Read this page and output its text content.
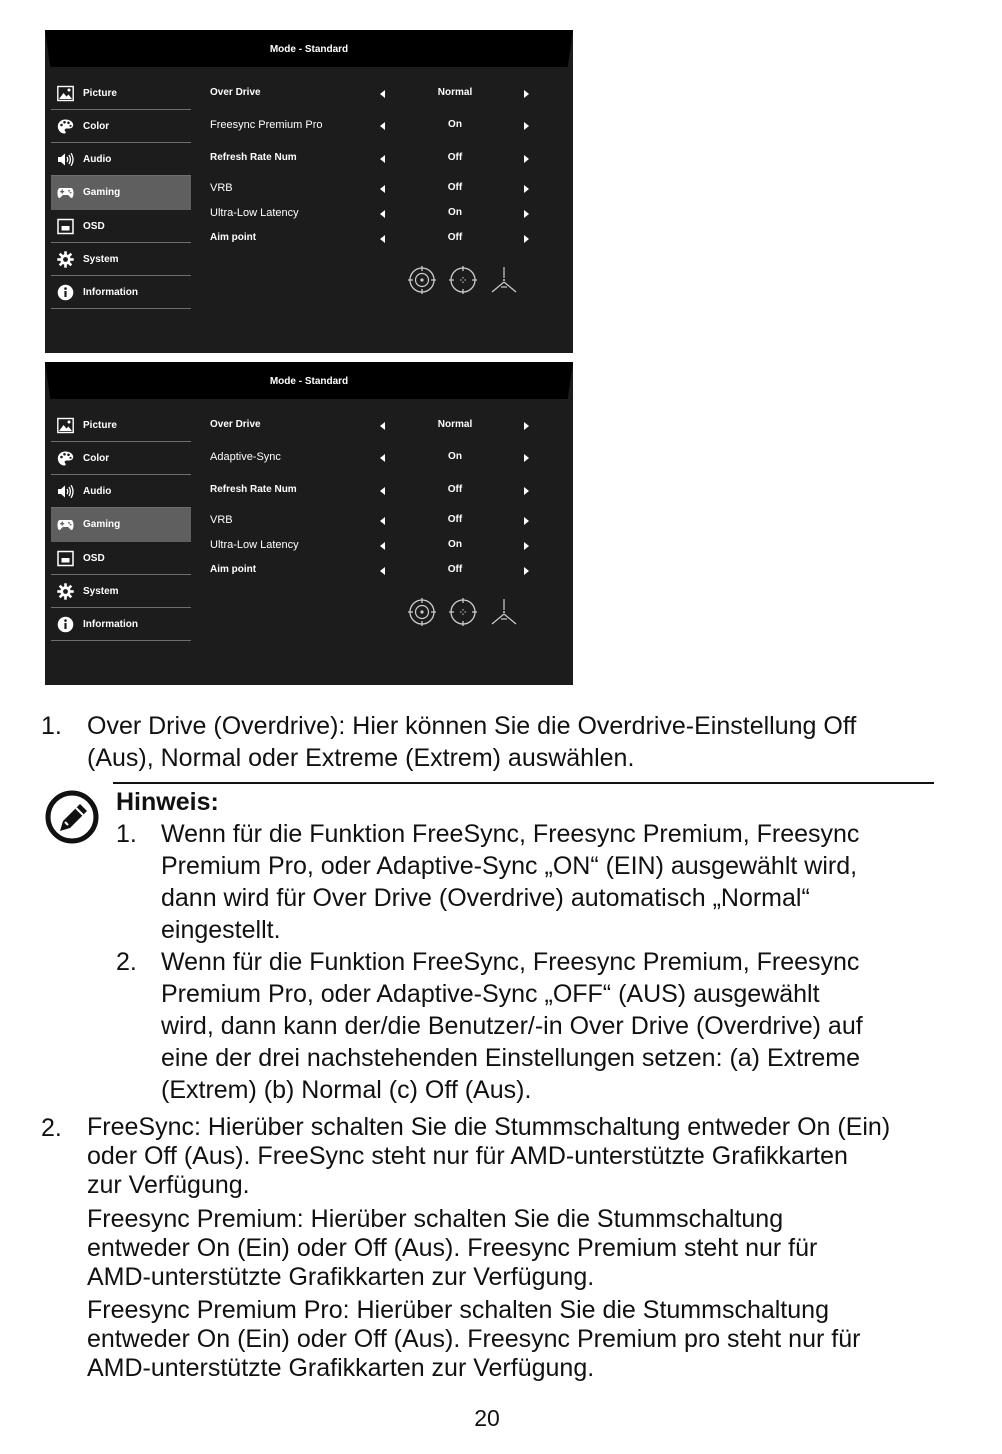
Mode - Standard
Picture
Color
Audio
Gaming
OSD
System
Information
Over Drive	Normal
Freesync Premium Pro	On
Refresh Rate Num	Off
VRB	Off
Ultra-Low Latency	On
Aim point	Off
Mode - Standard
Picture
Color
Audio
Gaming
OSD
System
Information
Over Drive	Normal
Adaptive-Sync	On
Refresh Rate Num	Off
VRB	Off
Ultra-Low Latency	On
Aim point	Off
1. Over Drive (Overdrive): Hier können Sie die Overdrive-Einstellung Off
(Aus), Normal oder Extreme (Extrem) auswählen.
Hinweis:
1. Wenn für die Funktion FreeSync, Freesync Premium, Freesync
Premium Pro, oder Adaptive-Sync „ON“ (EIN) ausgewählt wird,
dann wird für Over Drive (Overdrive) automatisch „Normal“
eingestellt.
2. Wenn für die Funktion FreeSync, Freesync Premium, Freesync
Premium Pro, oder Adaptive-Sync „OFF“ (AUS) ausgewählt
wird, dann kann der/die Benutzer/-in Over Drive (Overdrive) auf
eine der drei nachstehenden Einstellungen setzen: (a) Extreme
(Extrem) (b) Normal (c) Off (Aus).
2. FreeSync: Hierüber schalten Sie die Stummschaltung entweder On (Ein)
oder Off (Aus). FreeSync steht nur für AMD-unterstützte Grafikkarten
zur Verfügung.
Freesync Premium: Hierüber schalten Sie die Stummschaltung
entweder On (Ein) oder Off (Aus). Freesync Premium steht nur für
AMD-unterstützte Grafikkarten zur Verfügung.
Freesync Premium Pro: Hierüber schalten Sie die Stummschaltung
entweder On (Ein) oder Off (Aus). Freesync Premium pro steht nur für
AMD-unterstützte Grafikkarten zur Verfügung.
20
